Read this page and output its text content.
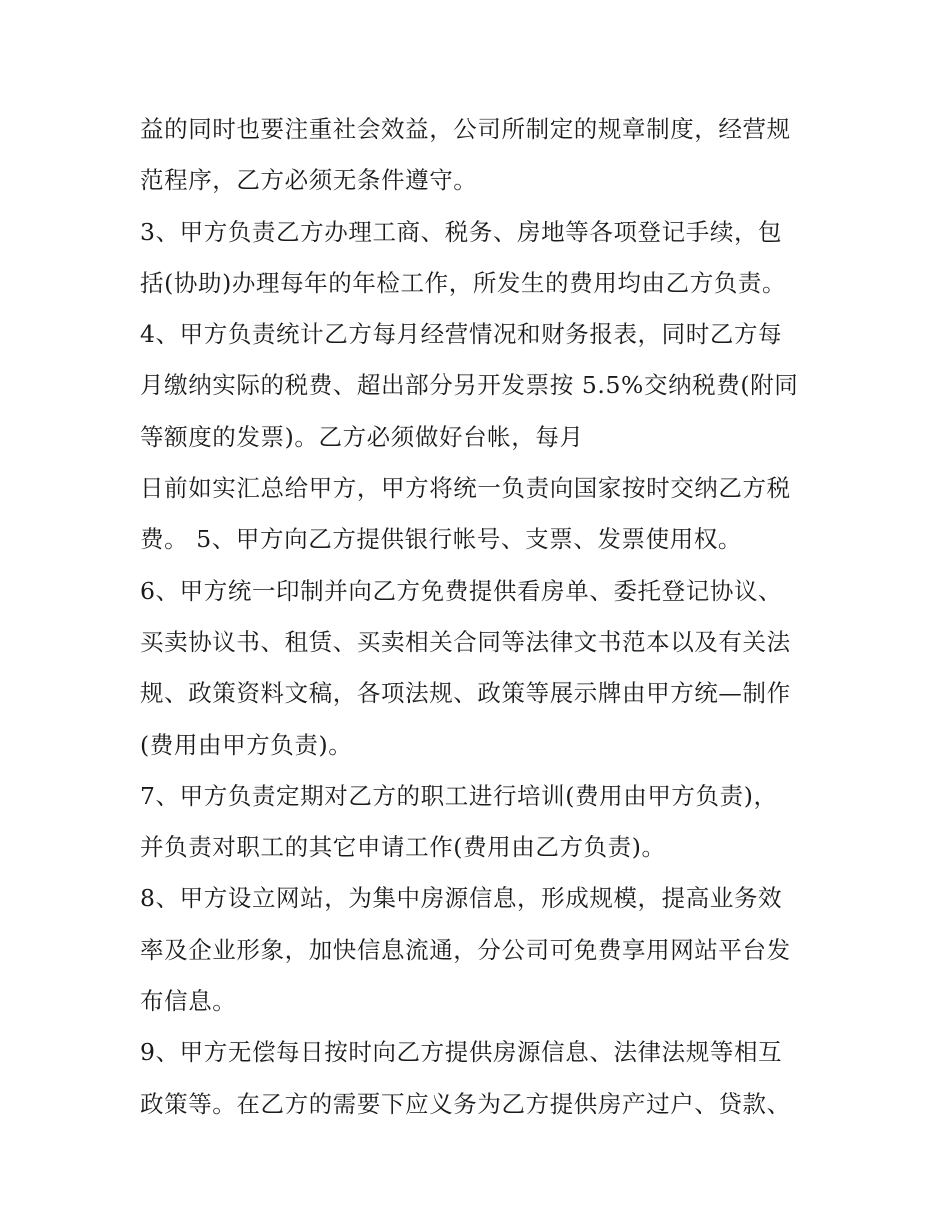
益的同时也要注重社会效益，公司所制定的规章制度，经营规
范程序，乙方必须无条件遵守。
3、甲方负责乙方办理工商、税务、房地等各项登记手续，包
括(协助)办理每年的年检工作，所发生的费用均由乙方负责。
4、甲方负责统计乙方每月经营情况和财务报表，同时乙方每
月缴纳实际的税费、超出部分另开发票按 5.5%交纳税费(附同
等额度的发票)。乙方必须做好台帐，每月
日前如实汇总给甲方，甲方将统一负责向国家按时交纳乙方税
费。 5、甲方向乙方提供银行帐号、支票、发票使用权。
6、甲方统一印制并向乙方免费提供看房单、委托登记协议、
买卖协议书、租赁、买卖相关合同等法律文书范本以及有关法
规、政策资料文稿，各项法规、政策等展示牌由甲方统—制作
(费用由甲方负责)。
7、甲方负责定期对乙方的职工进行培训(费用由甲方负责)，
并负责对职工的其它申请工作(费用由乙方负责)。
8、甲方设立网站，为集中房源信息，形成规模，提高业务效
率及企业形象，加快信息流通，分公司可免费享用网站平台发
布信息。
9、甲方无偿每日按时向乙方提供房源信息、法律法规等相互
政策等。在乙方的需要下应义务为乙方提供房产过户、贷款、
